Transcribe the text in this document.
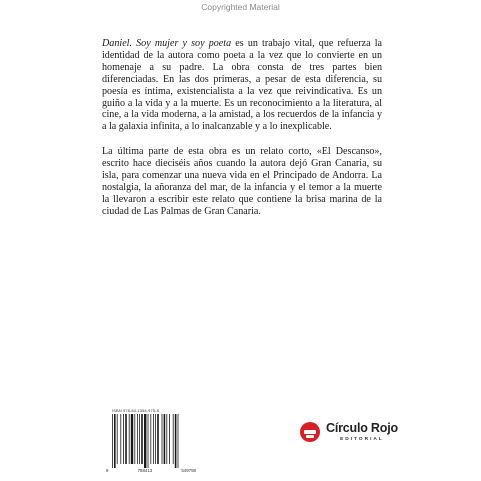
Copyrighted Material

Daniel. Soy mujer y soy poeta es un trabajo vital, que refuerza la identidad de la autora como poeta a la vez que lo convierte en un homenaje a su padre. La obra consta de tres partes bien diferenciadas. En las dos primeras, a pesar de esta diferencia, su poesía es íntima, existencialista a la vez que reivindicativa. Es un guiño a la vida y a la muerte. Es un reconocimiento a la literatura, al cine, a la vida moderna, a la amistad, a los recuerdos de la infancia y a la galaxia infinita, a lo inalcanzable y a lo inexplicable.

La última parte de esta obra es un relato corto, «El Descanso», escrito hace dieciséis años cuando la autora dejó Gran Canaria, su isla, para comenzar una nueva vida en el Principado de Andorra. La nostalgia, la añoranza del mar, de la infancia y el temor a la muerte la llevaron a escribir este relato que contiene la brisa marina de la ciudad de Las Palmas de Gran Canaria.

ISBN 978-84-1354-975-8
9	788413	549758
Círculo Rojo
EDITORIAL
